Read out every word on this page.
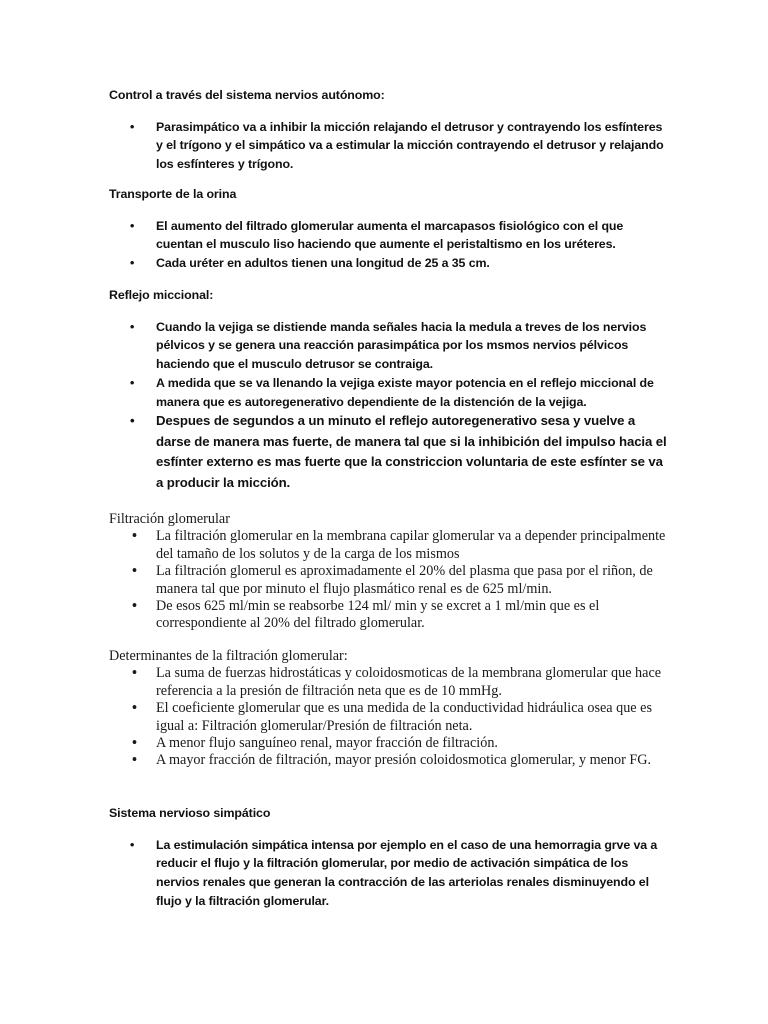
Control a través del sistema nervios autónomo:

• Parasimpático va a inhibir la micción relajando el detrusor y contrayendo los esfínteres y el trígono y el simpático va a estimular la micción contrayendo el detrusor y relajando los esfínteres y trígono.

Transporte de la orina

• El aumento del filtrado glomerular aumenta el marcapasos fisiológico con el que cuentan el musculo liso haciendo que aumente el peristaltismo en los uréteres.
• Cada uréter en adultos tienen una longitud de 25 a 35 cm.

Reflejo miccional:

• Cuando la vejiga se distiende manda señales hacia la medula a treves de los nervios pélvicos y se genera una reacción parasimpática por los msmos nervios pélvicos haciendo que el musculo detrusor se contraiga.
• A medida que se va llenando la vejiga existe mayor potencia en el reflejo miccional de manera que es autoregenerativo dependiente de la distención de la vejiga.
• Despues de segundos a un minuto el reflejo autoregenerativo sesa y vuelve a darse de manera mas fuerte, de manera tal que si la inhibición del impulso hacia el esfínter externo es mas fuerte que la constriccion voluntaria de este esfínter se va a producir la micción.

Filtración glomerular

• La filtración glomerular en la membrana capilar glomerular va a depender principalmente del tamaño de los solutos y de la carga de los mismos
• La filtración glomerul es aproximadamente el 20% del plasma que pasa por el riñon, de manera tal que por minuto el flujo plasmático renal es de 625 ml/min.
• De esos 625 ml/min se reabsorbe 124 ml/ min y se excret a 1 ml/min que es el correspondiente al 20% del filtrado glomerular.

Determinantes de la filtración glomerular:

• La suma de fuerzas hidrostáticas y coloidosmoticas de la membrana glomerular que hace referencia a la presión de filtración neta que es de 10 mmHg.
• El coeficiente glomerular que es una medida de la conductividad hidráulica osea que es igual a: Filtración glomerular/Presión de filtración neta.
• A menor flujo sanguíneo renal, mayor fracción de filtración.
• A mayor fracción de filtración, mayor presión coloidosmotica glomerular, y menor FG.

Sistema nervioso simpático

• La estimulación simpática intensa por ejemplo en el caso de una hemorragia grve va a reducir el flujo y la filtración glomerular, por medio de activación simpática de los nervios renales que generan la contracción de las arteriolas renales disminuyendo el flujo y la filtración glomerular.
